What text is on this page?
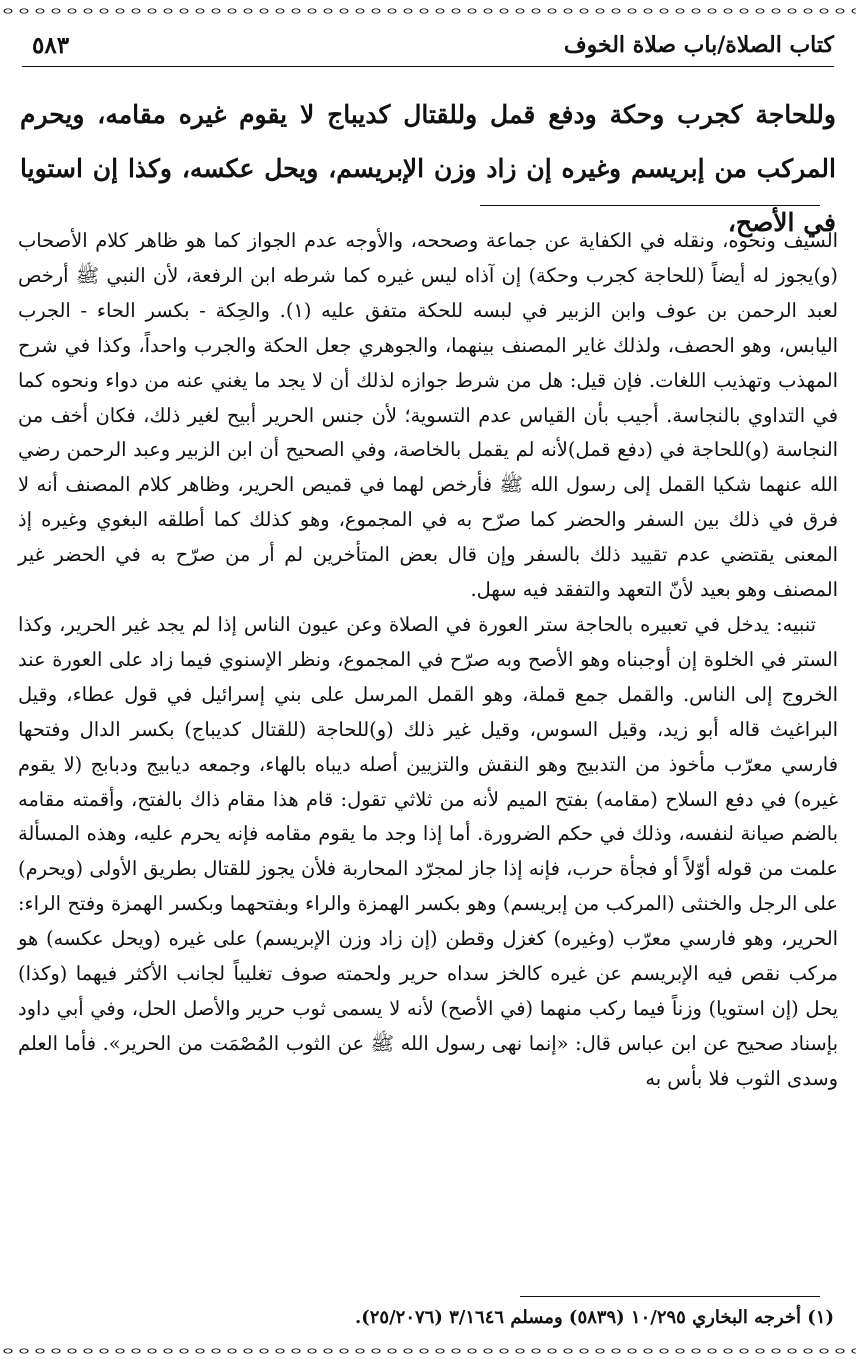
كتاب الصلاة/باب صلاة الخوف
٥٨٣
وللحاجة كجرب وحكة ودفع قمل وللقتال كديباج لا يقوم غيره مقامه، ويحرم المركب من إبريسم وغيره إن زاد وزن الإبريسم، ويحل عكسه، وكذا إن استويا في الأصح،

السيف ونحوه، ونقله في الكفاية عن جماعة وصححه، والأوجه عدم الجواز كما هو ظاهر كلام الأصحاب (و)يجوز له أيضاً (للحاجة كجرب وحكة) إن آذاه ليس غيره كما شرطه ابن الرفعة، لأن النبي ﷺ أرخص لعبد الرحمن بن عوف وابن الزبير في لبسه للحكة متفق عليه (١). والحِكة - بكسر الحاء - الجرب اليابس، وهو الحصف، ولذلك غاير المصنف بينهما، والجوهري جعل الحكة والجرب واحداً، وكذا في شرح المهذب وتهذيب اللغات. فإن قيل: هل من شرط جوازه لذلك أن لا يجد ما يغني عنه من دواء ونحوه كما في التداوي بالنجاسة. أجيب بأن القياس عدم التسوية؛ لأن جنس الحرير أبيح لغير ذلك، فكان أخف من النجاسة (و)للحاجة في (دفع قمل)لأنه لم يقمل بالخاصة، وفي الصحيح أن ابن الزبير وعبد الرحمن رضي الله عنهما شكيا القمل إلى رسول الله ﷺ فأرخص لهما في قميص الحرير، وظاهر كلام المصنف أنه لا فرق في ذلك بين السفر والحضر كما صرّح به في المجموع، وهو كذلك كما أطلقه البغوي وغيره إذ المعنى يقتضي عدم تقييد ذلك بالسفر وإن قال بعض المتأخرين لم أر من صرّح به في الحضر غير المصنف وهو بعيد لأنّ التعهد والتفقد فيه سهل.

تنبيه: يدخل في تعبيره بالحاجة ستر العورة في الصلاة وعن عيون الناس إذا لم يجد غير الحرير، وكذا الستر في الخلوة إن أوجبناه وهو الأصح وبه صرّح في المجموع، ونظر الإسنوي فيما زاد على العورة عند الخروج إلى الناس. والقمل جمع قملة، وهو القمل المرسل على بني إسرائيل في قول عطاء، وقيل البراغيث قاله أبو زيد، وقيل السوس، وقيل غير ذلك (و)للحاجة (للقتال كديباج) بكسر الدال وفتحها فارسي معرّب مأخوذ من التدبيج وهو النقش والتزيين أصله ديباه بالهاء، وجمعه ديابيج ودبابج (لا يقوم غيره) في دفع السلاح (مقامه) بفتح الميم لأنه من ثلاثي تقول: قام هذا مقام ذاك بالفتح، وأقمته مقامه بالضم صيانة لنفسه، وذلك في حكم الضرورة. أما إذا وجد ما يقوم مقامه فإنه يحرم عليه، وهذه المسألة علمت من قوله أوّلاً أو فجأة حرب، فإنه إذا جاز لمجرّد المحاربة فلأن يجوز للقتال بطريق الأولى (ويحرم) على الرجل والخنثى (المركب من إبريسم) وهو بكسر الهمزة والراء وبفتحهما وبكسر الهمزة وفتح الراء: الحرير، وهو فارسي معرّب (وغيره) كغزل وقطن (إن زاد وزن الإبريسم) على غيره (ويحل عكسه) هو مركب نقص فيه الإبريسم عن غيره كالخز سداه حرير ولحمته صوف تغليباً لجانب الأكثر فيهما (وكذا) يحل (إن استويا) وزناً فيما ركب منهما (في الأصح) لأنه لا يسمى ثوب حرير والأصل الحل، وفي أبي داود بإسناد صحيح عن ابن عباس قال: «إنما نهى رسول الله ﷺ عن الثوب المُصْمَت من الحرير». فأما العلم وسدى الثوب فلا بأس به

(١) أخرجه البخاري ١٠/٢٩٥ (٥٨٣٩) ومسلم ٣/١٦٤٦ (٢٥/٢٠٧٦).
